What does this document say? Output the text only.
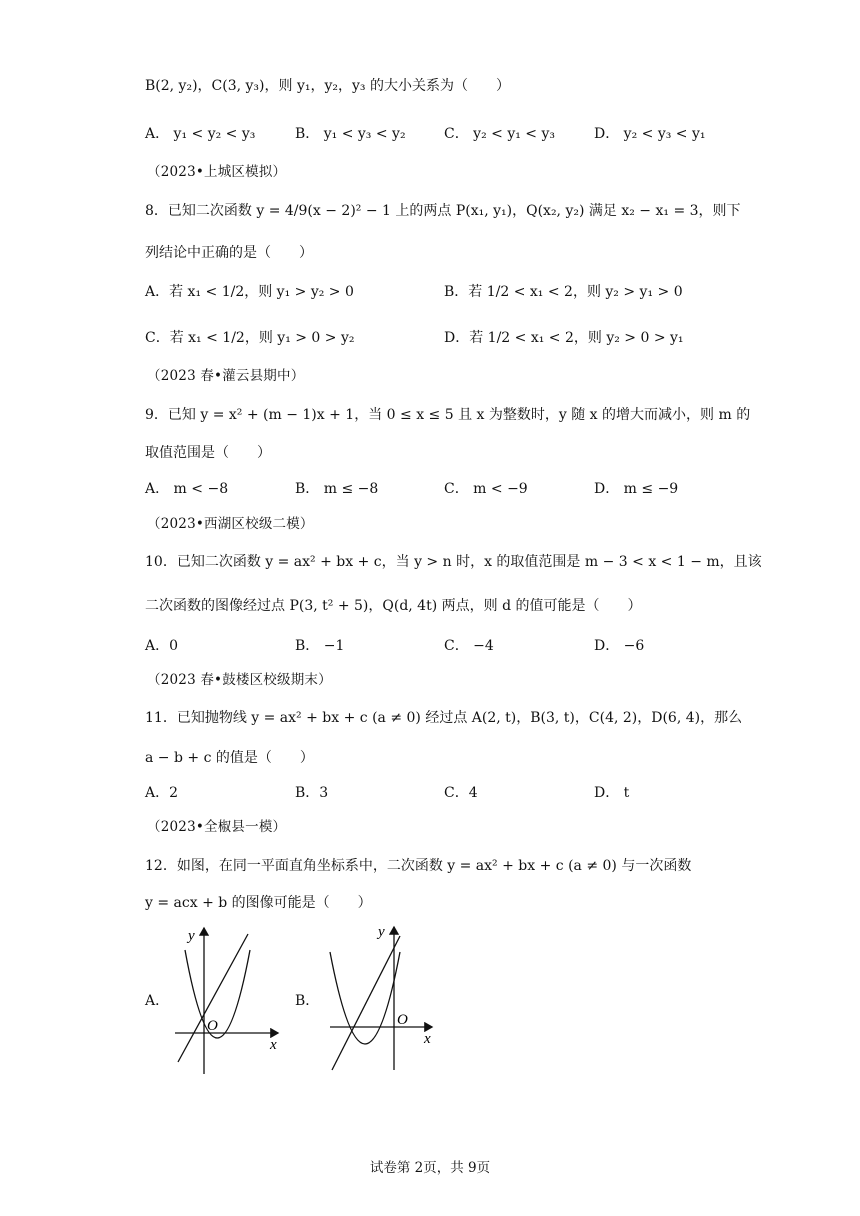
B(2, y₂)，C(3, y₃)，则 y₁，y₂，y₃ 的大小关系为（　　）
A． y₁ < y₂ < y₃	B． y₁ < y₃ < y₂	C． y₂ < y₁ < y₃	D． y₂ < y₃ < y₁
（2023•上城区模拟）
8．已知二次函数 y = 4/9(x − 2)² − 1 上的两点 P(x₁, y₁)，Q(x₂, y₂) 满足 x₂ − x₁ = 3，则下
列结论中正确的是（　　）
A．若 x₁ < 1/2，则 y₁ > y₂ > 0	B．若 1/2 < x₁ < 2，则 y₂ > y₁ > 0
C．若 x₁ < 1/2，则 y₁ > 0 > y₂	D．若 1/2 < x₁ < 2，则 y₂ > 0 > y₁
（2023 春•灌云县期中）
9．已知 y = x² + (m − 1)x + 1，当 0 ≤ x ≤ 5 且 x 为整数时，y 随 x 的增大而减小，则 m 的
取值范围是（　　）
A． m < −8	B． m ≤ −8	C． m < −9	D． m ≤ −9
（2023•西湖区校级二模）
10．已知二次函数 y = ax² + bx + c，当 y > n 时，x 的取值范围是 m − 3 < x < 1 − m，且该
二次函数的图像经过点 P(3, t² + 5)，Q(d, 4t) 两点，则 d 的值可能是（　　）
A．0	B． −1	C． −4	D． −6
（2023 春•鼓楼区校级期末）
11．已知抛物线 y = ax² + bx + c (a ≠ 0) 经过点 A(2, t)，B(3, t)，C(4, 2)，D(6, 4)，那么
a − b + c 的值是（　　）
A．2	B．3	C．4	D． t
（2023•全椒县一模）
12．如图，在同一平面直角坐标系中，二次函数 y = ax² + bx + c (a ≠ 0) 与一次函数
y = acx + b 的图像可能是（　　）
A．	B．
y
x
O
y
x
O
试卷第 2页，共 9页
